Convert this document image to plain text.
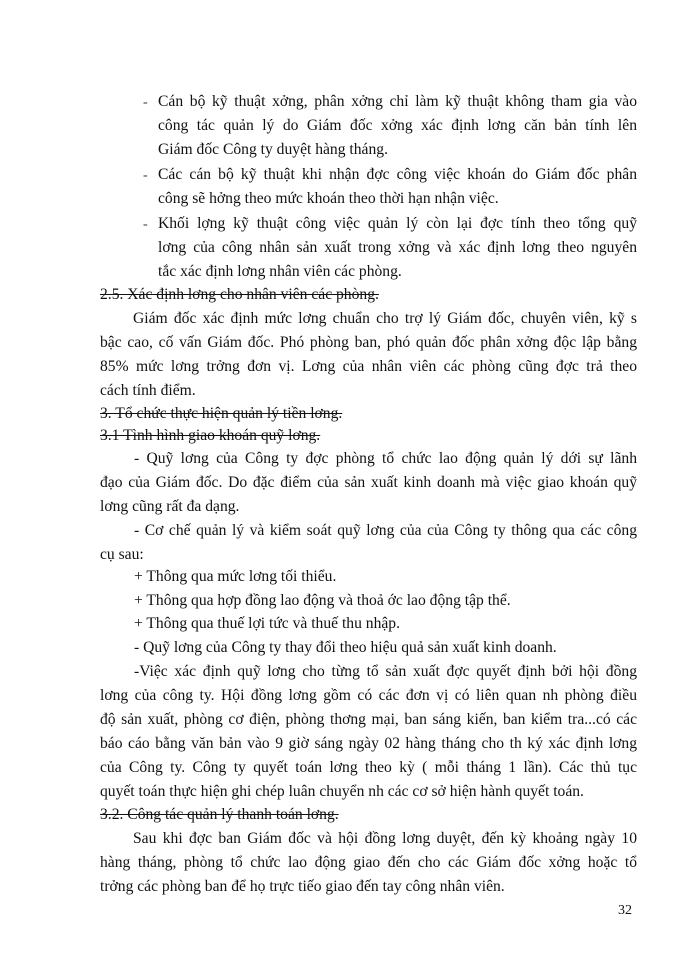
- Cán bộ kỹ thuật xởng, phân xởng chỉ làm kỹ thuật không tham gia vào
công tác quản lý do Giám đốc xởng xác định lơng căn bản tính lên
Giám đốc Công ty duyệt hàng tháng.
- Các cán bộ kỹ thuật khi nhận đợc công việc khoán do Giám đốc phân
công sẽ hởng theo mức khoán theo thời hạn nhận việc.
- Khối lợng kỹ thuật công việc quản lý còn lại đợc tính theo tổng quỹ
lơng của công nhân sản xuất trong xởng và xác định lơng theo nguyên
tắc xác định lơng nhân viên các phòng.
2.5. Xác định lơng cho nhân viên các phòng.
Giám đốc xác định mức lơng chuẩn cho trợ lý Giám đốc, chuyên viên, kỹ s
bậc cao, cố vấn Giám đốc. Phó phòng ban, phó quản đốc phân xởng độc lập bằng
85% mức lơng trởng đơn vị. Lơng của nhân viên các phòng cũng đợc trả theo
cách tính điểm.
3. Tổ chức thực hiện quản lý tiền lơng.
3.1 Tình hình giao khoán quỹ lơng.
- Quỹ lơng của Công ty đợc phòng tổ chức lao động quản lý dới sự lãnh
đạo của Giám đốc. Do đặc điểm của sản xuất kinh doanh mà việc giao khoán quỹ
lơng cũng rất đa dạng.
- Cơ chế quản lý và kiểm soát quỹ lơng của của Công ty thông qua các công
cụ sau:
+ Thông qua mức lơng tối thiểu.
+ Thông qua hợp đồng lao động và thoả ớc lao động tập thể.
+ Thông qua thuế lợi tức và thuế thu nhập.
- Quỹ lơng của Công ty thay đổi theo hiệu quả sản xuất kinh doanh.
-Việc xác định quỹ lơng cho từng tổ sản xuất đợc quyết định bởi hội đồng
lơng của công ty. Hội đồng lơng gồm có các đơn vị có liên quan nh phòng điều
độ sản xuất, phòng cơ điện, phòng thơng mại, ban sáng kiến, ban kiểm tra...có các
báo cáo bằng văn bản vào 9 giờ sáng ngày 02 hàng tháng cho th ký xác định lơng
của Công ty. Công ty quyết toán lơng theo kỳ ( mỗi tháng 1 lần). Các thủ tục
quyết toán thực hiện ghi chép luân chuyển nh các cơ sở hiện hành quyết toán.
3.2. Công tác quản lý thanh toán lơng.
Sau khi đợc ban Giám đốc và hội đồng lơng duyệt, đến kỳ khoảng ngày 10
hàng tháng, phòng tổ chức lao động giao đến cho các Giám đốc xởng hoặc tổ
trởng các phòng ban để họ trực tiếo giao đến tay công nhân viên.
32
